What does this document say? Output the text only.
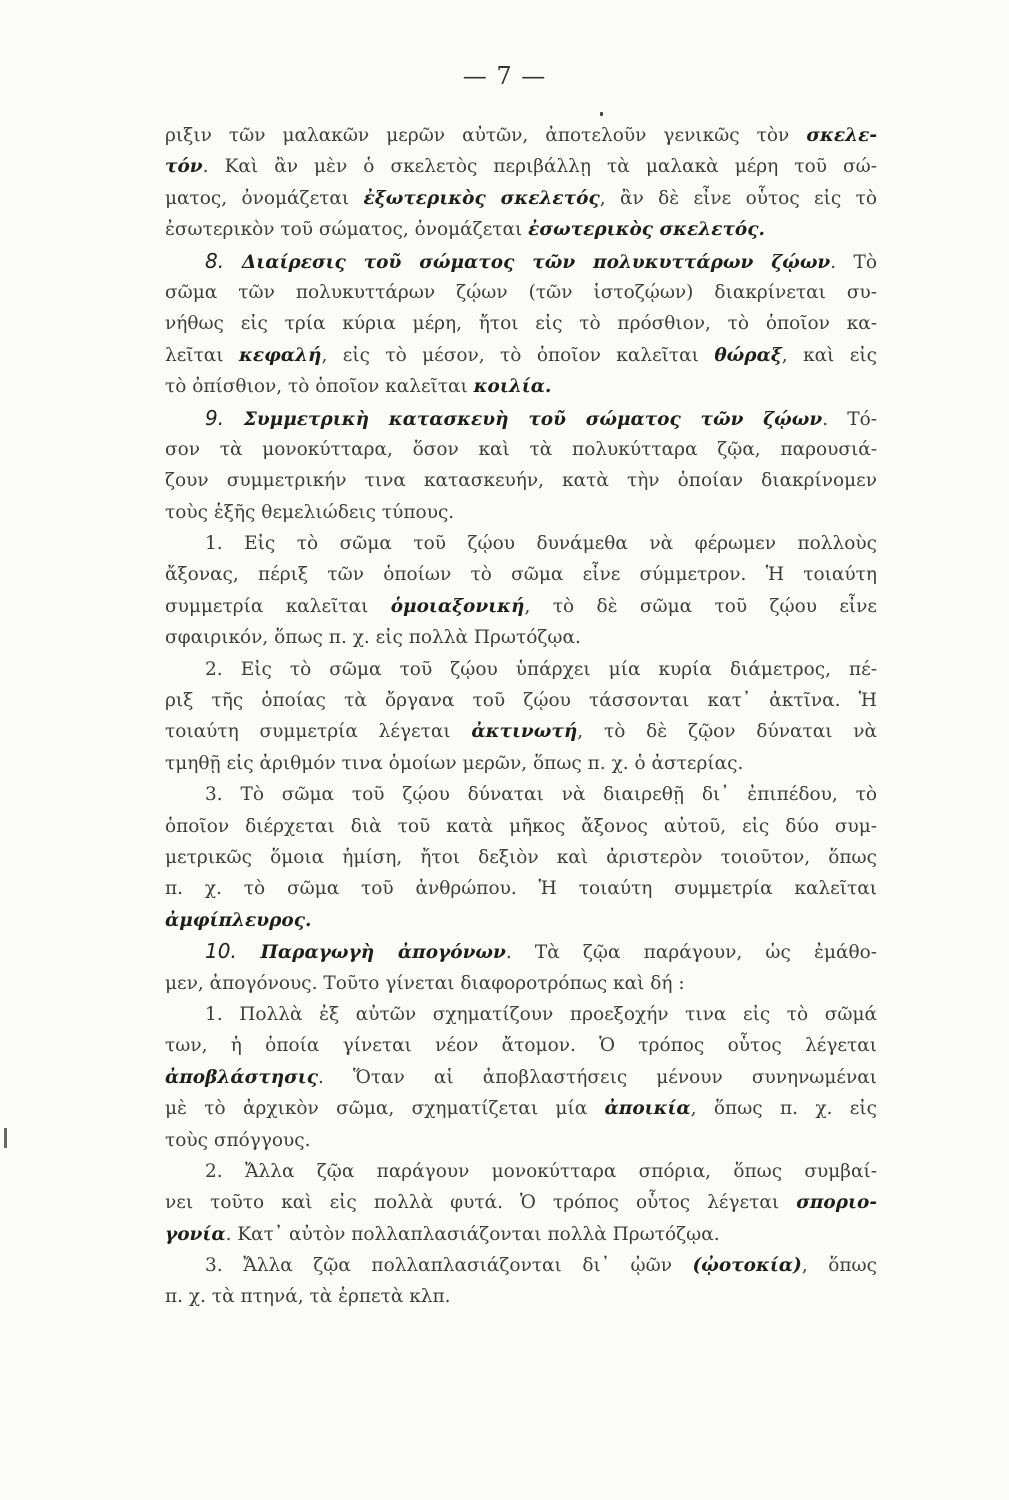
— 7 —
ριξιν τῶν μαλακῶν μερῶν αὐτῶν, ἀποτελοῦν γενικῶς τὸν σκελε-
τόν. Καὶ ἂν μὲν ὁ σκελετὸς περιβάλλῃ τὰ μαλακὰ μέρη τοῦ σώ-
ματος, ὀνομάζεται ἐξωτερικὸς σκελετός, ἂν δὲ εἶνε οὗτος εἰς τὸ
ἐσωτερικὸν τοῦ σώματος, ὀνομάζεται ἐσωτερικὸς σκελετός.
8. Διαίρεσις τοῦ σώματος τῶν πολυκυττάρων ζῴων. Τὸ
σῶμα τῶν πολυκυττάρων ζῴων (τῶν ἱστοζῴων) διακρίνεται συ-
νήθως εἰς τρία κύρια μέρη, ἤτοι εἰς τὸ πρόσθιον, τὸ ὁποῖον κα-
λεῖται κεφαλή, εἰς τὸ μέσον, τὸ ὁποῖον καλεῖται θώραξ, καὶ εἰς
τὸ ὀπίσθιον, τὸ ὁποῖον καλεῖται κοιλία.
9. Συμμετρικὴ κατασκευὴ τοῦ σώματος τῶν ζῴων. Τό-
σον τὰ μονοκύτταρα, ὅσον καὶ τὰ πολυκύτταρα ζῷα, παρουσιά-
ζουν συμμετρικήν τινα κατασκευήν, κατὰ τὴν ὁποίαν διακρίνομεν
τοὺς ἑξῆς θεμελιώδεις τύπους.
1. Εἰς τὸ σῶμα τοῦ ζῴου δυνάμεθα νὰ φέρωμεν πολλοὺς
ἄξονας, πέριξ τῶν ὁποίων τὸ σῶμα εἶνε σύμμετρον. Ἡ τοιαύτη
συμμετρία καλεῖται ὁμοιαξονική, τὸ δὲ σῶμα τοῦ ζῴου εἶνε
σφαιρικόν, ὅπως π. χ. εἰς πολλὰ Πρωτόζῳα.
2. Εἰς τὸ σῶμα τοῦ ζῴου ὑπάρχει μία κυρία διάμετρος, πέ-
ριξ τῆς ὁποίας τὰ ὄργανα τοῦ ζῴου τάσσονται κατ᾽ ἀκτῖνα. Ἡ
τοιαύτη συμμετρία λέγεται ἀκτινωτή, τὸ δὲ ζῷον δύναται νὰ
τμηθῇ εἰς ἀριθμόν τινα ὁμοίων μερῶν, ὅπως π. χ. ὁ ἀστερίας.
3. Τὸ σῶμα τοῦ ζῴου δύναται νὰ διαιρεθῇ δι᾽ ἐπιπέδου, τὸ
ὁποῖον διέρχεται διὰ τοῦ κατὰ μῆκος ἄξονος αὐτοῦ, εἰς δύο συμ-
μετρικῶς ὅμοια ἡμίση, ἤτοι δεξιὸν καὶ ἀριστερὸν τοιοῦτον, ὅπως
π. χ. τὸ σῶμα τοῦ ἀνθρώπου. Ἡ τοιαύτη συμμετρία καλεῖται
ἀμφίπλευρος.
10. Παραγωγὴ ἀπογόνων. Τὰ ζῷα παράγουν, ὡς ἐμάθο-
μεν, ἀπογόνους. Τοῦτο γίνεται διαφοροτρόπως καὶ δή :
1. Πολλὰ ἐξ αὐτῶν σχηματίζουν προεξοχήν τινα εἰς τὸ σῶμά
των, ἡ ὁποία γίνεται νέον ἄτομον. Ὁ τρόπος οὗτος λέγεται
ἀποβλάστησις. Ὅταν αἱ ἀποβλαστήσεις μένουν συνηνωμέναι
μὲ τὸ ἀρχικὸν σῶμα, σχηματίζεται μία ἀποικία, ὅπως π. χ. εἰς
τοὺς σπόγγους.
2. Ἄλλα ζῷα παράγουν μονοκύτταρα σπόρια, ὅπως συμβαί-
νει τοῦτο καὶ εἰς πολλὰ φυτά. Ὁ τρόπος οὗτος λέγεται σποριο-
γονία. Κατ᾽ αὐτὸν πολλαπλασιάζονται πολλὰ Πρωτόζῳα.
3. Ἄλλα ζῷα πολλαπλασιάζονται δι᾽ ᾠῶν (ᾠοτοκία), ὅπως
π. χ. τὰ πτηνά, τὰ ἑρπετὰ κλπ.
